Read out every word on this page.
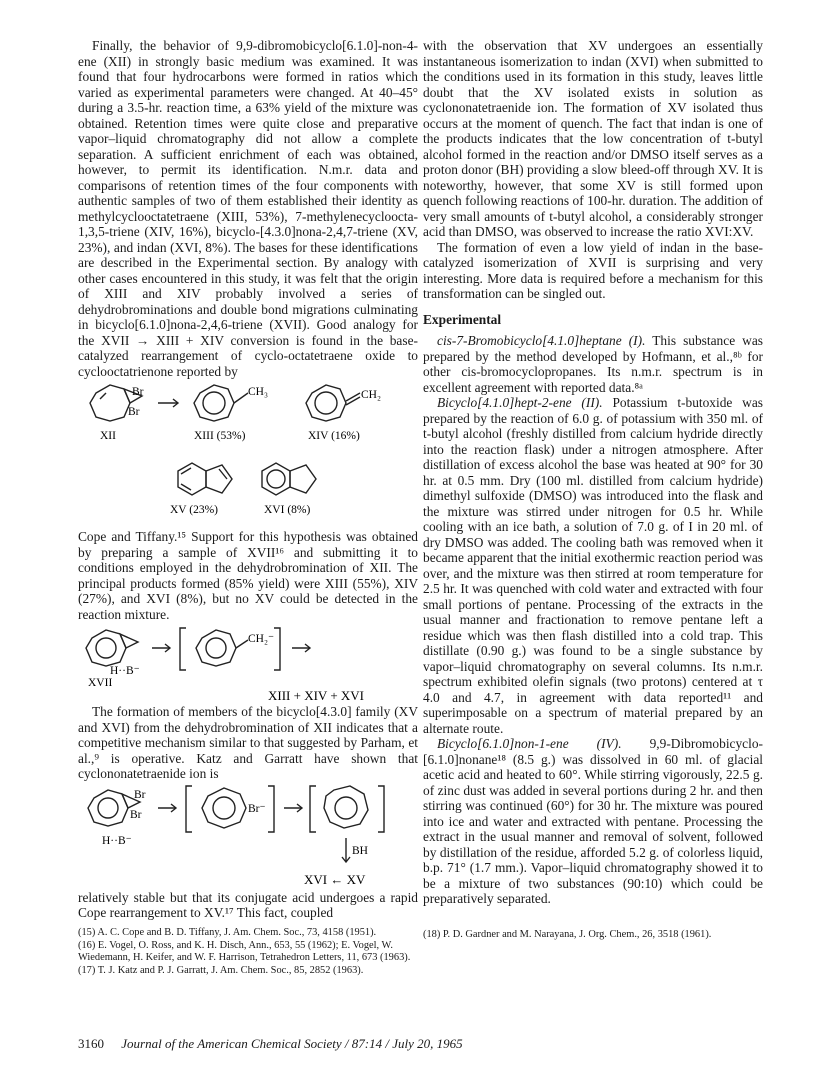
Finally, the behavior of 9,9-dibromobicyclo[6.1.0]-non-4-ene (XII) in strongly basic medium was examined. It was found that four hydrocarbons were formed in ratios which varied as experimental parameters were changed. At 40–45° during a 3.5-hr. reaction time, a 63% yield of the mixture was obtained. Retention times were quite close and preparative vapor–liquid chromatography did not allow a complete separation. A sufficient enrichment of each was obtained, however, to permit its identification. N.m.r. data and comparisons of retention times of the four components with authentic samples of two of them established their identity as methylcyclooctatetraene (XIII, 53%), 7-methylenecycloocta-1,3,5-triene (XIV, 16%), bicyclo-[4.3.0]nona-2,4,7-triene (XV, 23%), and indan (XVI, 8%). The bases for these identifications are described in the Experimental section. By analogy with other cases encountered in this study, it was felt that the origin of XIII and XIV probably involved a series of dehydrobrominations and double bond migrations culminating in bicyclo[6.1.0]nona-2,4,6-triene (XVII). Good analogy for the XVII → XIII + XIV conversion is found in the base-catalyzed rearrangement of cyclo-octatetraene oxide to cyclooctatrienone reported by

Br
Br
CH₃	CH₂
XII	XIII (53%)	XIV (16%)
XV (23%)	XVI (8%)

Cope and Tiffany.¹⁵ Support for this hypothesis was obtained by preparing a sample of XVII¹⁶ and submitting it to conditions employed in the dehydrobromination of XII. The principal products formed (85% yield) were XIII (55%), XIV (27%), and XVI (8%), but no XV could be detected in the reaction mixture.

H··B⁻
XVII
CH₂⁻
XIII + XIV + XVI

The formation of members of the bicyclo[4.3.0] family (XV and XVI) from the dehydrobromination of XII indicates that a competitive mechanism similar to that suggested by Parham, et al.,⁹ is operative. Katz and Garratt have shown that cyclononatetraenide ion is

Br
Br
H··B⁻
Br⁻
BH
XVI ← XV

relatively stable but that its conjugate acid undergoes a rapid Cope rearrangement to XV.¹⁷ This fact, coupled

(15) A. C. Cope and B. D. Tiffany, J. Am. Chem. Soc., 73, 4158 (1951).

(16) E. Vogel, O. Ross, and K. H. Disch, Ann., 653, 55 (1962); E. Vogel, W. Wiedemann, H. Keifer, and W. F. Harrison, Tetrahedron Letters, 11, 673 (1963).

(17) T. J. Katz and P. J. Garratt, J. Am. Chem. Soc., 85, 2852 (1963).

with the observation that XV undergoes an essentially instantaneous isomerization to indan (XVI) when submitted to the conditions used in its formation in this study, leaves little doubt that the XV isolated exists in solution as cyclononatetraenide ion. The formation of XV isolated thus occurs at the moment of quench. The fact that indan is one of the products indicates that the low concentration of t-butyl alcohol formed in the reaction and/or DMSO itself serves as a proton donor (BH) providing a slow bleed-off through XV. It is noteworthy, however, that some XV is still formed upon quench following reactions of 100-hr. duration. The addition of very small amounts of t-butyl alcohol, a considerably stronger acid than DMSO, was observed to increase the ratio XVI:XV.

The formation of even a low yield of indan in the base-catalyzed isomerization of XVII is surprising and very interesting. More data is required before a mechanism for this transformation can be singled out.

Experimental

cis-7-Bromobicyclo[4.1.0]heptane (I). This substance was prepared by the method developed by Hofmann, et al.,⁸ᵇ for other cis-bromocyclopropanes. Its n.m.r. spectrum is in excellent agreement with reported data.⁸ᵃ

Bicyclo[4.1.0]hept-2-ene (II). Potassium t-butoxide was prepared by the reaction of 6.0 g. of potassium with 350 ml. of t-butyl alcohol (freshly distilled from calcium hydride directly into the reaction flask) under a nitrogen atmosphere. After distillation of excess alcohol the base was heated at 90° for 30 hr. at 0.5 mm. Dry (100 ml. distilled from calcium hydride) dimethyl sulfoxide (DMSO) was introduced into the flask and the mixture was stirred under nitrogen for 0.5 hr. While cooling with an ice bath, a solution of 7.0 g. of I in 20 ml. of dry DMSO was added. The cooling bath was removed when it became apparent that the initial exothermic reaction period was over, and the mixture was then stirred at room temperature for 2.5 hr. It was quenched with cold water and extracted with four small portions of pentane. Processing of the extracts in the usual manner and fractionation to remove pentane left a residue which was then flash distilled into a cold trap. This distillate (0.90 g.) was found to be a single substance by vapor–liquid chromatography on several columns. Its n.m.r. spectrum exhibited olefin signals (two protons) centered at τ 4.0 and 4.7, in agreement with data reported¹¹ and superimposable on a spectrum of material prepared by an alternate route.

Bicyclo[6.1.0]non-1-ene (IV). 9,9-Dibromobicyclo-[6.1.0]nonane¹⁸ (8.5 g.) was dissolved in 60 ml. of glacial acetic acid and heated to 60°. While stirring vigorously, 22.5 g. of zinc dust was added in several portions during 2 hr. and then stirring was continued (60°) for 30 hr. The mixture was poured into ice and water and extracted with pentane. Processing the extract in the usual manner and removal of solvent, followed by distillation of the residue, afforded 5.2 g. of colorless liquid, b.p. 71° (1.7 mm.). Vapor–liquid chromatography showed it to be a mixture of two substances (90:10) which could be preparatively separated.

(18) P. D. Gardner and M. Narayana, J. Org. Chem., 26, 3518 (1961).

3160 Journal of the American Chemical Society / 87:14 / July 20, 1965
